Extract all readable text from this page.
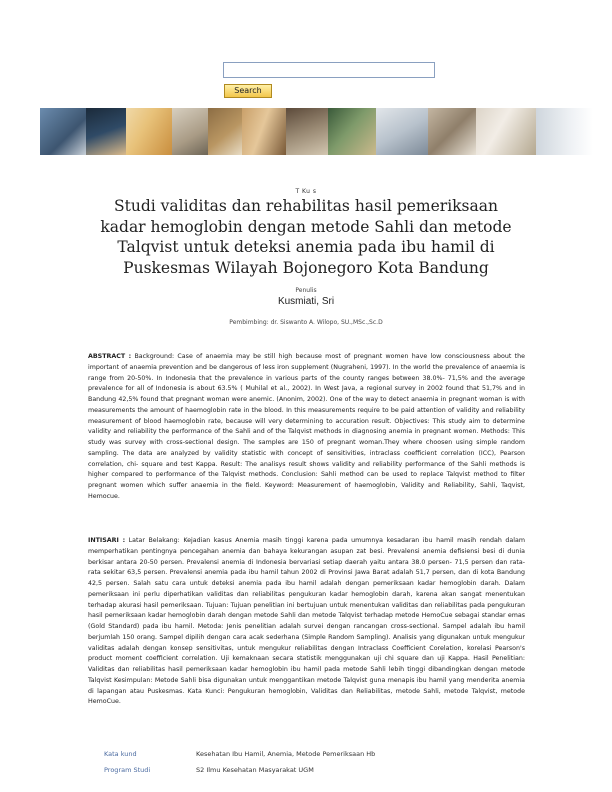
Search
T Ku s
Studi validitas dan rehabilitas hasil pemeriksaan kadar hemoglobin dengan metode Sahli dan metode Talqvist untuk deteksi anemia pada ibu hamil di Puskesmas Wilayah Bojonegoro Kota Bandung
Penulis
Kusmiati, Sri
Pembimbing: dr. Siswanto A. Wilopo, SU.,MSc.,Sc.D

ABSTRACT : Background: Case of anaemia may be still high because most of pregnant women have low consciousness about the important of anaemia prevention and be dangerous of less iron supplement (Nugraheni, 1997). In the world the prevalence of anaemia is range from 20-50%. In Indonesia that the prevalence in various parts of the county ranges between 38.0%- 71,5% and the average prevalence for all of Indonesia is about 63.5% ( Muhilal et al., 2002). In West Java, a regional survey in 2002 found that 51,7% and in Bandung 42,5% found that pregnant woman were anemic. (Anonim, 2002). One of the way to detect anaemia in pregnant woman is with measurements the amount of haemoglobin rate in the blood. In this measurements require to be paid attention of validity and reliability measurement of blood haemoglobin rate, because will very determining to accuration result. Objectives: This study aim to determine validity and reliability the performance of the Sahli and of the Talqvist methods in diagnosing anemia in pregnant women. Methods: This study was survey with cross-sectional design. The samples are 150 of pregnant woman.They where choosen using simple random sampling. The data are analyzed by validity statistic with concept of sensitivities, intraclass coefficient correlation (ICC), Pearson correlation, chi- square and test Kappa. Result: The analisys result shows validity and reliability performance of the Sahli methods is higher compared to performance of the Talqvist methods. Conclusion: Sahli method can be used to replace Talqvist method to filter pregnant women which suffer anaemia in the field. Keyword: Measurement of haemoglobin, Validity and Reliability, Sahli, Taqvist, Hemocue.

INTISARI : Latar Belakang: Kejadian kasus Anemia masih tinggi karena pada umumnya kesadaran ibu hamil masih rendah dalam memperhatikan pentingnya pencegahan anemia dan bahaya kekurangan asupan zat besi. Prevalensi anemia defisiensi besi di dunia berkisar antara 20-50 persen. Prevalensi anemia di Indonesia bervariasi setiap daerah yaitu antara 38.0 persen- 71,5 persen dan rata-rata sekitar 63,5 persen. Prevalensi anemia pada ibu hamil tahun 2002 di Provinsi Jawa Barat adalah 51,7 persen, dan di kota Bandung 42,5 persen. Salah satu cara untuk deteksi anemia pada ibu hamil adalah dengan pemeriksaan kadar hemoglobin darah. Dalam pemeriksaan ini perlu diperhatikan validitas dan reliabilitas pengukuran kadar hemoglobin darah, karena akan sangat menentukan terhadap akurasi hasil pemeriksaan. Tujuan: Tujuan penelitian ini bertujuan untuk menentukan validitas dan reliabilitas pada pengukuran hasil pemeriksaan kadar hemoglobin darah dengan metode Sahli dan metode Talqvist terhadap metode HemoCue sebagai standar emas (Gold Standard) pada ibu hamil. Metoda: Jenis penelitian adalah survei dengan rancangan cross-sectional. Sampel adalah ibu hamil berjumlah 150 orang. Sampel dipilih dengan cara acak sederhana (Simple Random Sampling). Analisis yang digunakan untuk mengukur validitas adalah dengan konsep sensitivitas, untuk mengukur reliabilitas dengan Intraclass Coefficient Corelation, korelasi Pearson's product moment coefficient correlation. Uji kemaknaan secara statistik menggunakan uji chi square dan uji Kappa. Hasil Penelitian: Validitas dan reliabilitas hasil pemeriksaan kadar hemoglobin ibu hamil pada metode Sahli lebih tinggi dibandingkan dengan metode Talqvist Kesimpulan: Metode Sahli bisa digunakan untuk menggantikan metode Talqvist guna menapis ibu hamil yang menderita anemia di lapangan atau Puskesmas. Kata Kunci: Pengukuran hemoglobin, Validitas dan Reliabilitas, metode Sahli, metode Talqvist, metode HemoCue.

Kata kund	Kesehatan Ibu Hamil, Anemia, Metode Pemeriksaan Hb
Program Studi	S2 Ilmu Kesehatan Masyarakat UGM
